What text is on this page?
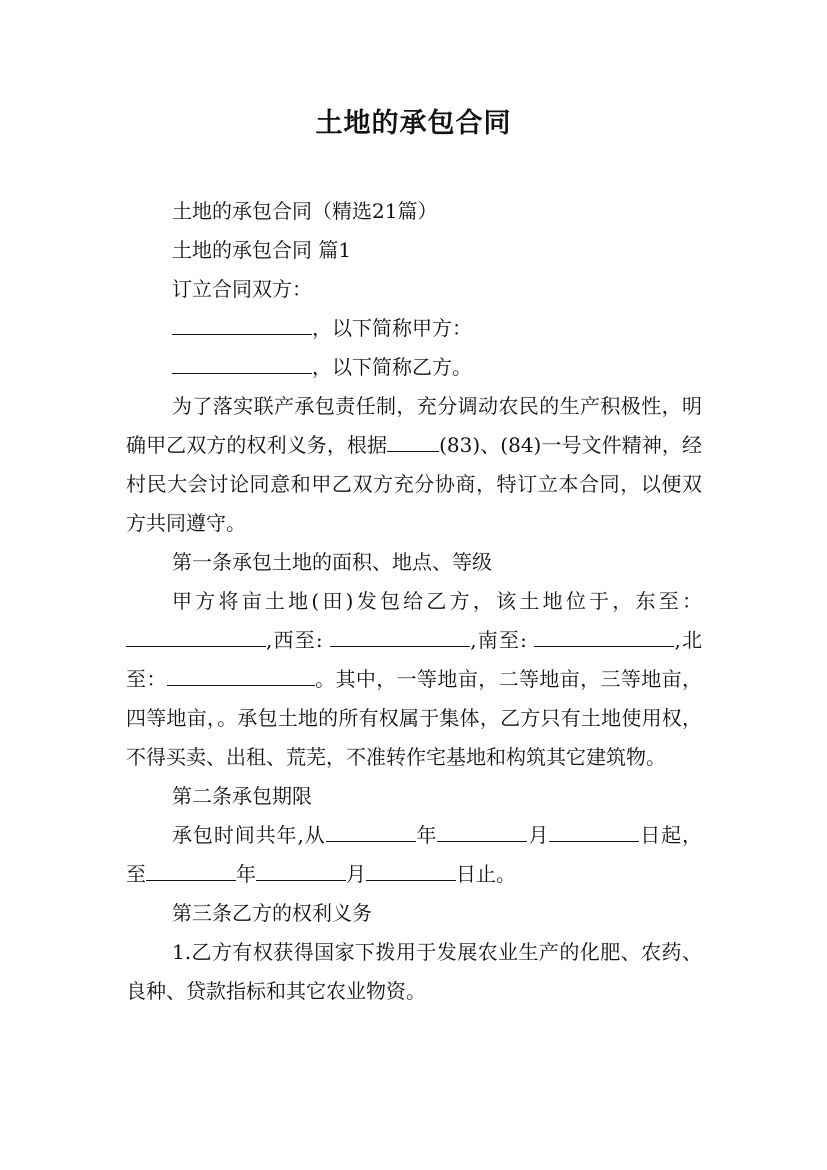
土地的承包合同
土地的承包合同（精选21篇）
土地的承包合同 篇1
订立合同双方：
，以下简称甲方：
，以下简称乙方。
为了落实联产承包责任制，充分调动农民的生产积极性，明确甲乙双方的权利义务，根据	(83)、(84)一号文件精神，经村民大会讨论同意和甲乙双方充分协商，特订立本合同，以便双方共同遵守。
第一条承包土地的面积、地点、等级
甲方将亩土地(田)发包给乙方，该土地位于，东至：,西至:	,南至:	,北至：	。其中，一等地亩，二等地亩，三等地亩，四等地亩，。承包土地的所有权属于集体，乙方只有土地使用权，不得买卖、出租、荒芜，不准转作宅基地和构筑其它建筑物。
第二条承包期限
承包时间共年,从	年	月	日起，至	年	月	日止。
第三条乙方的权利义务
1.乙方有权获得国家下拨用于发展农业生产的化肥、农药、良种、贷款指标和其它农业物资。
